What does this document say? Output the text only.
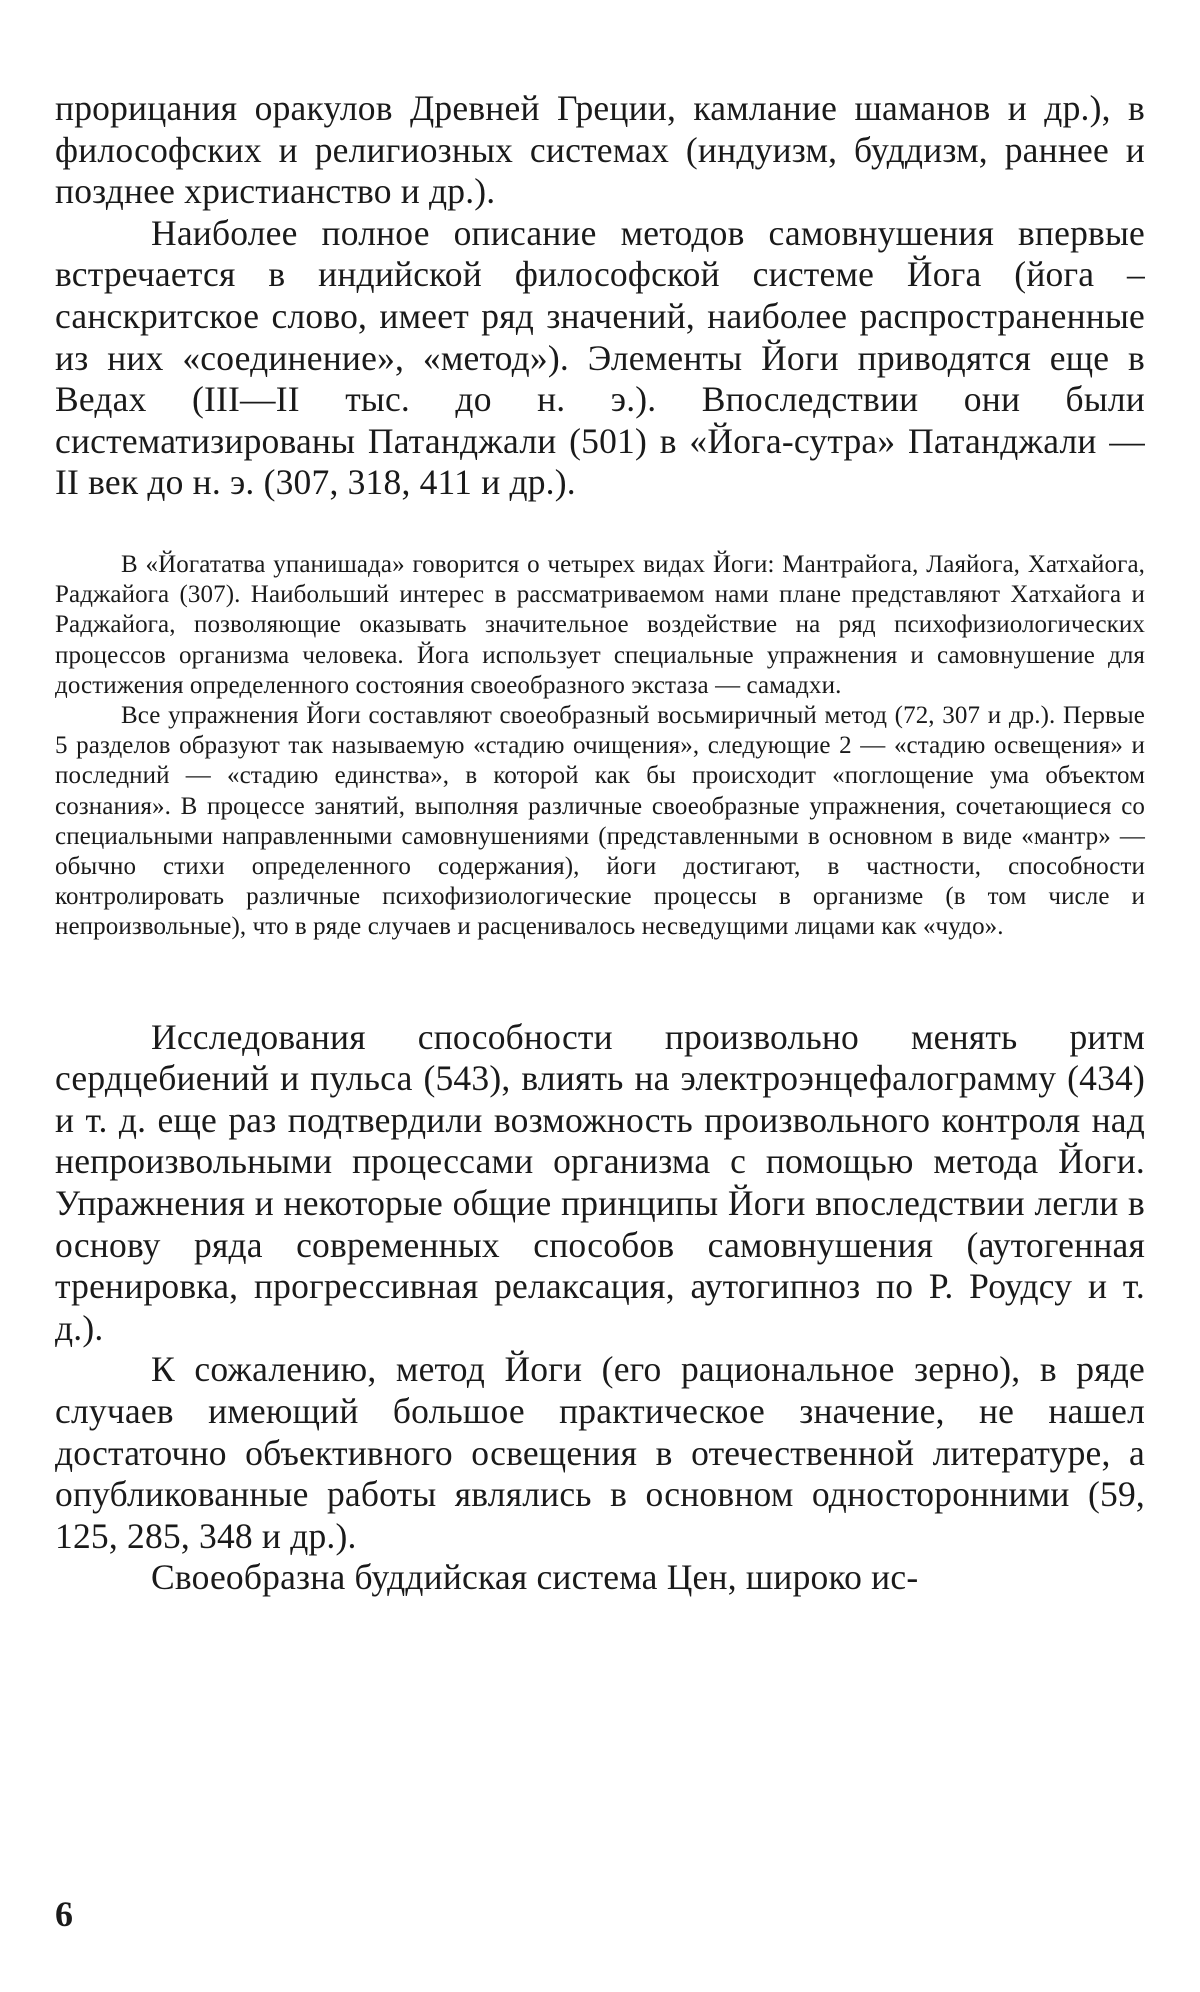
прорицания оракулов Древней Греции, камлание шаманов и др.), в философских и религиозных системах (индуизм, буддизм, раннее и позднее христианство и др.).

Наиболее полное описание методов самовнушения впервые встречается в индийской философской системе Йога (йога – санскритское слово, имеет ряд значений, наиболее распространенные из них «соединение», «метод»). Элементы Йоги приводятся еще в Ведах (III—II тыс. до н. э.). Впоследствии они были систематизированы Патанджали (501) в «Йога-сутра» Патанджали — II век до н. э. (307, 318, 411 и др.).

В «Йогататва упанишада» говорится о четырех видах Йоги: Мантрайога, Лаяйога, Хатхайога, Раджайога (307). Наибольший интерес в рассматриваемом нами плане представляют Хатхайога и Раджайога, позволяющие оказывать значительное воздействие на ряд психофизиологических процессов организма человека. Йога использует специальные упражнения и самовнушение для достижения определенного состояния своеобразного экстаза — самадхи.

Все упражнения Йоги составляют своеобразный восьмиричный метод (72, 307 и др.). Первые 5 разделов образуют так называемую «стадию очищения», следующие 2 — «стадию освещения» и последний — «стадию единства», в которой как бы происходит «поглощение ума объектом сознания». В процессе занятий, выполняя различные своеобразные упражнения, сочетающиеся со специальными направленными самовнушениями (представленными в основном в виде «мантр» — обычно стихи определенного содержания), йоги достигают, в частности, способности контролировать различные психофизиологические процессы в организме (в том числе и непроизвольные), что в ряде случаев и расценивалось несведущими лицами как «чудо».

Исследования способности произвольно менять ритм сердцебиений и пульса (543), влиять на электроэнцефалограмму (434) и т. д. еще раз подтвердили возможность произвольного контроля над непроизвольными процессами организма с помощью метода Йоги. Упражнения и некоторые общие принципы Йоги впоследствии легли в основу ряда современных способов самовнушения (аутогенная тренировка, прогрессивная релаксация, аутогипноз по Р. Роудсу и т. д.).

К сожалению, метод Йоги (его рациональное зерно), в ряде случаев имеющий большое практическое значение, не нашел достаточно объективного освещения в отечественной литературе, а опубликованные работы являлись в основном односторонними (59, 125, 285, 348 и др.).

Своеобразна буддийская система Цен, широко ис-

6
